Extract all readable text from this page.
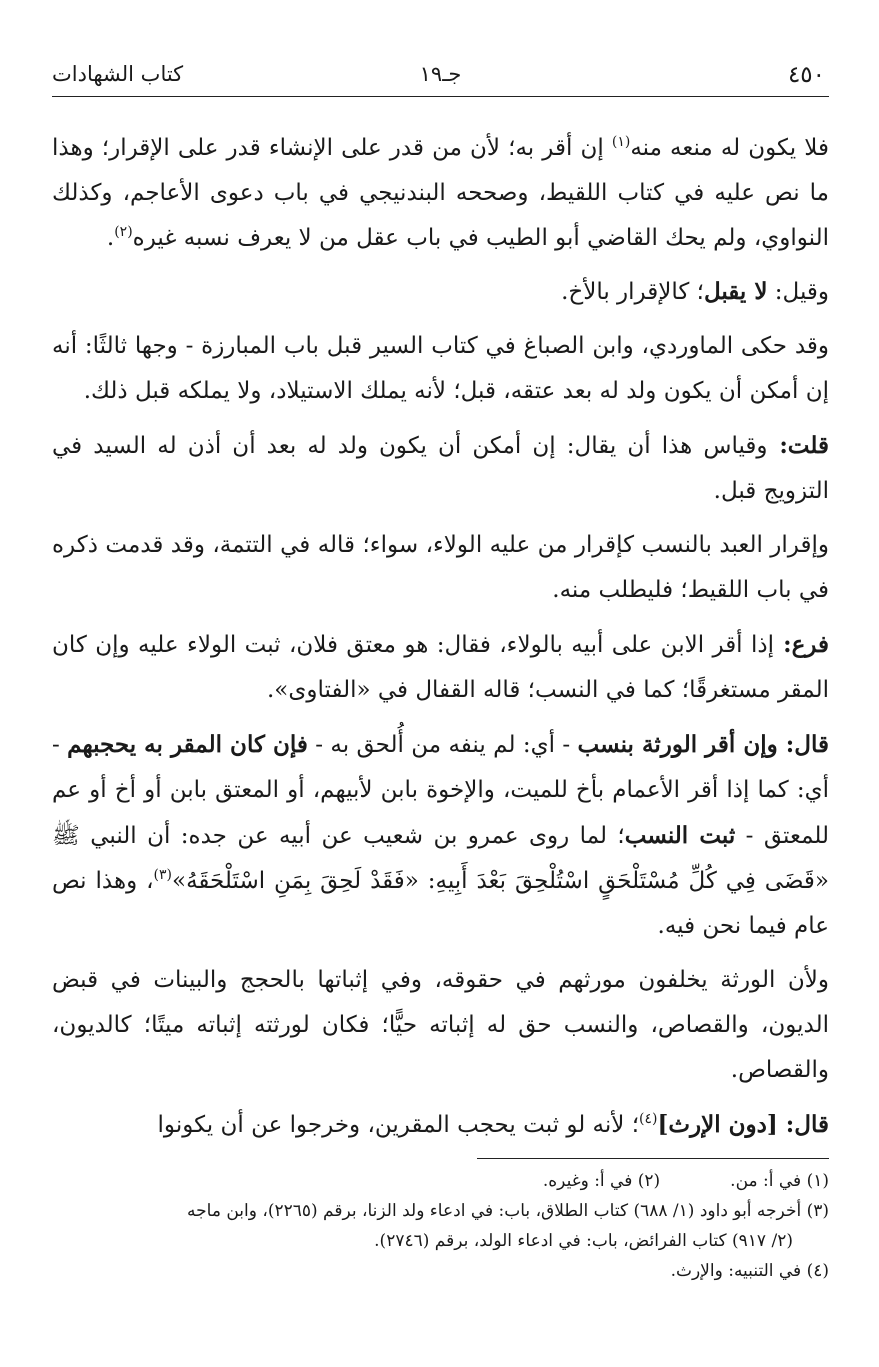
٤٥٠
جـ١٩
كتاب الشهادات

فلا يكون له منعه منه$^{(١)}$ إن أقر به؛ لأن من قدر على الإنشاء قدر على الإقرار؛ وهذا ما نص عليه في كتاب اللقيط، وصححه البندنيجي في باب دعوى الأعاجم، وكذلك النواوي، ولم يحك القاضي أبو الطيب في باب عقل من لا يعرف نسبه غيره$^{(٢)}$.

وقيل: لا يقبل؛ كالإقرار بالأخ.

وقد حكى الماوردي، وابن الصباغ في كتاب السير قبل باب المبارزة - وجها ثالثًا: أنه إن أمكن أن يكون ولد له بعد عتقه، قبل؛ لأنه يملك الاستيلاد، ولا يملكه قبل ذلك.

قلت: وقياس هذا أن يقال: إن أمكن أن يكون ولد له بعد أن أذن له السيد في التزويج قبل.

وإقرار العبد بالنسب كإقرار من عليه الولاء، سواء؛ قاله في التتمة، وقد قدمت ذكره في باب اللقيط؛ فليطلب منه.

فرع: إذا أقر الابن على أبيه بالولاء، فقال: هو معتق فلان، ثبت الولاء عليه وإن كان المقر مستغرقًا؛ كما في النسب؛ قاله القفال في «الفتاوى».

قال: وإن أقر الورثة بنسب - أي: لم ينفه من أُلحق به - فإن كان المقر به يحجبهم - أي: كما إذا أقر الأعمام بأخ للميت، والإخوة بابن لأبيهم، أو المعتق بابن أو أخ أو عم للمعتق - ثبت النسب؛ لما روى عمرو بن شعيب عن أبيه عن جده: أن النبي ﷺ «قَضَى فِي كُلِّ مُسْتَلْحَقٍ اسْتُلْحِقَ بَعْدَ أَبِيهِ: «فَقَدْ لَحِقَ بِمَنِ اسْتَلْحَقَهُ»$^{(٣)}$، وهذا نص عام فيما نحن فيه.

ولأن الورثة يخلفون مورثهم في حقوقه، وفي إثباتها بالحجج والبينات في قبض الديون، والقصاص، والنسب حق له إثباته حيًّا؛ فكان لورثته إثباته ميتًا؛ كالديون، والقصاص.

قال: [دون الإرث]$^{(٤)}$؛ لأنه لو ثبت يحجب المقرين، وخرجوا عن أن يكونوا

(١) في أ: من.
(٢) في أ: وغيره.
(٣) أخرجه أبو داود (١/ ٦٨٨) كتاب الطلاق، باب: في ادعاء ولد الزنا، برقم (٢٢٦٥)، وابن ماجه
(٢/ ٩١٧) كتاب الفرائض، باب: في ادعاء الولد، برقم (٢٧٤٦).
(٤) في التنبيه: والإرث.
